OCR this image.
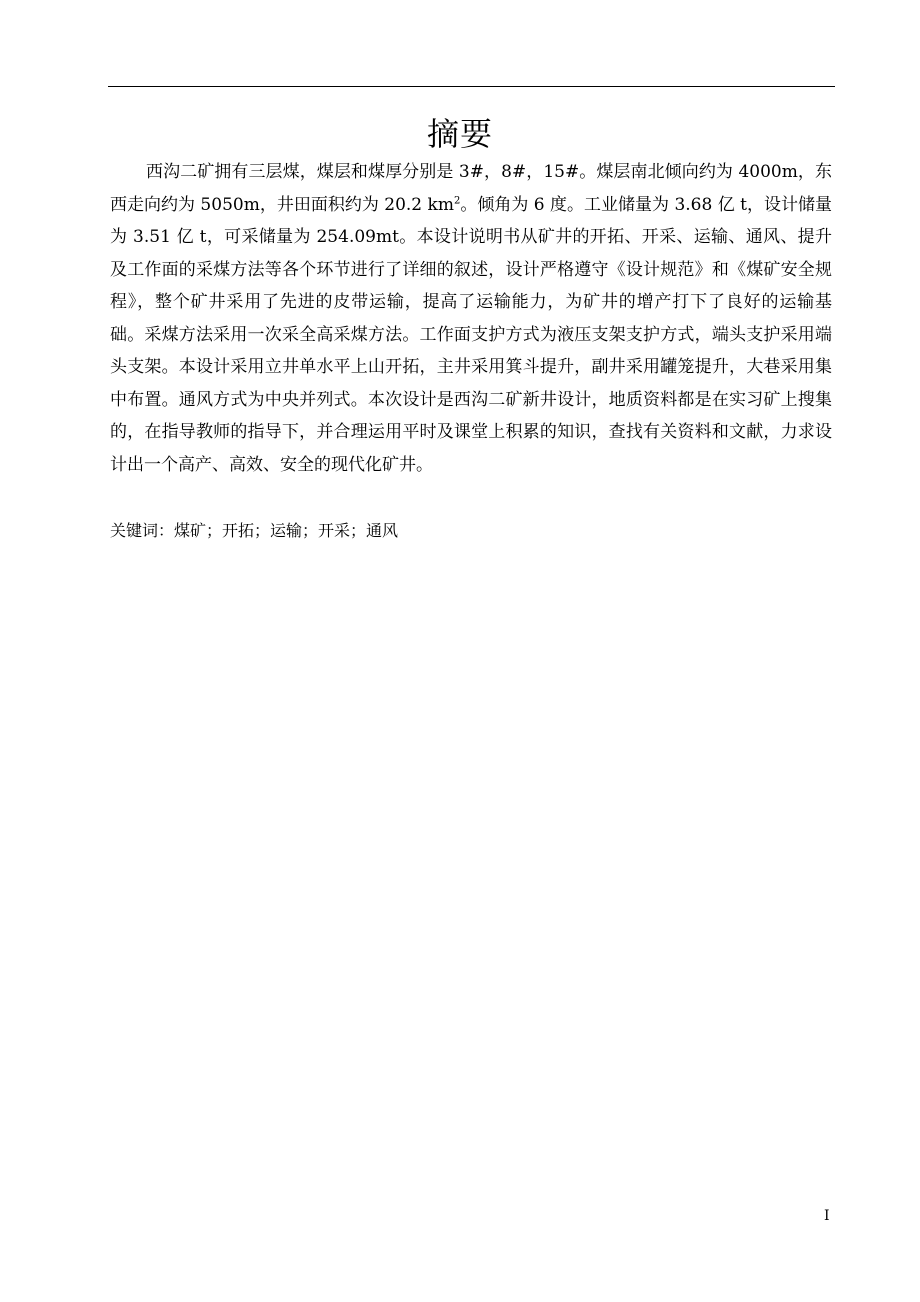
摘要

西沟二矿拥有三层煤，煤层和煤厚分别是 3#，8#，15#。煤层南北倾向约为 4000m，东西走向约为 5050m，井田面积约为 20.2 $km^2$。倾角为 6 度。工业储量为 3.68 亿 t，设计储量为 3.51 亿 t，可采储量为 254.09mt。本设计说明书从矿井的开拓、开采、运输、通风、提升及工作面的采煤方法等各个环节进行了详细的叙述，设计严格遵守《设计规范》和《煤矿安全规程》，整个矿井采用了先进的皮带运输，提高了运输能力，为矿井的增产打下了良好的运输基础。采煤方法采用一次采全高采煤方法。工作面支护方式为液压支架支护方式，端头支护采用端头支架。本设计采用立井单水平上山开拓，主井采用箕斗提升，副井采用罐笼提升，大巷采用集中布置。通风方式为中央并列式。本次设计是西沟二矿新井设计，地质资料都是在实习矿上搜集的，在指导教师的指导下，并合理运用平时及课堂上积累的知识，查找有关资料和文献，力求设计出一个高产、高效、安全的现代化矿井。

关键词：煤矿；开拓；运输；开采；通风

I
